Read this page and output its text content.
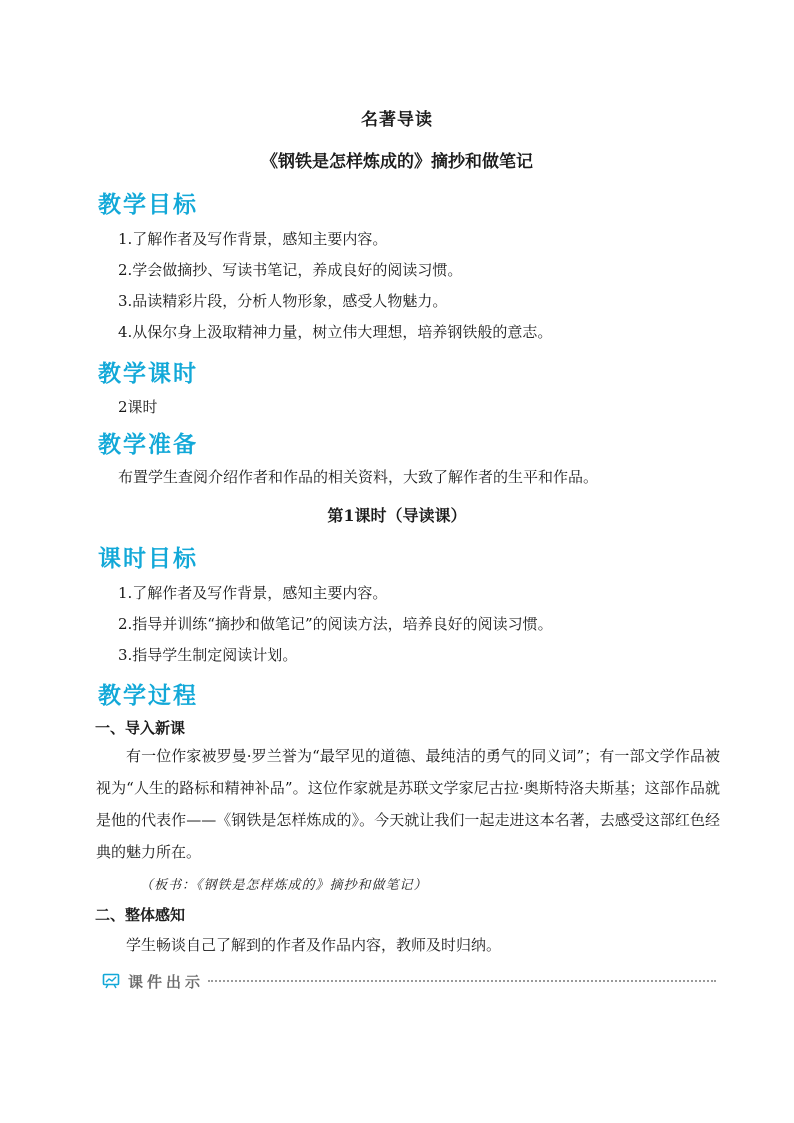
名著导读
《钢铁是怎样炼成的》摘抄和做笔记
教学目标
1.了解作者及写作背景，感知主要内容。
2.学会做摘抄、写读书笔记，养成良好的阅读习惯。
3.品读精彩片段，分析人物形象，感受人物魅力。
4.从保尔身上汲取精神力量，树立伟大理想，培养钢铁般的意志。
教学课时
2课时
教学准备
布置学生查阅介绍作者和作品的相关资料，大致了解作者的生平和作品。
第1课时（导读课）
课时目标
1.了解作者及写作背景，感知主要内容。
2.指导并训练“摘抄和做笔记”的阅读方法，培养良好的阅读习惯。
3.指导学生制定阅读计划。
教学过程
一、导入新课
有一位作家被罗曼·罗兰誉为“最罕见的道德、最纯洁的勇气的同义词”；有一部文学作品被视为“人生的路标和精神补品”。这位作家就是苏联文学家尼古拉·奥斯特洛夫斯基；这部作品就是他的代表作——《钢铁是怎样炼成的》。今天就让我们一起走进这本名著，去感受这部红色经典的魅力所在。
（板书：《钢铁是怎样炼成的》摘抄和做笔记）
二、整体感知
学生畅谈自己了解到的作者及作品内容，教师及时归纳。
课件出示
